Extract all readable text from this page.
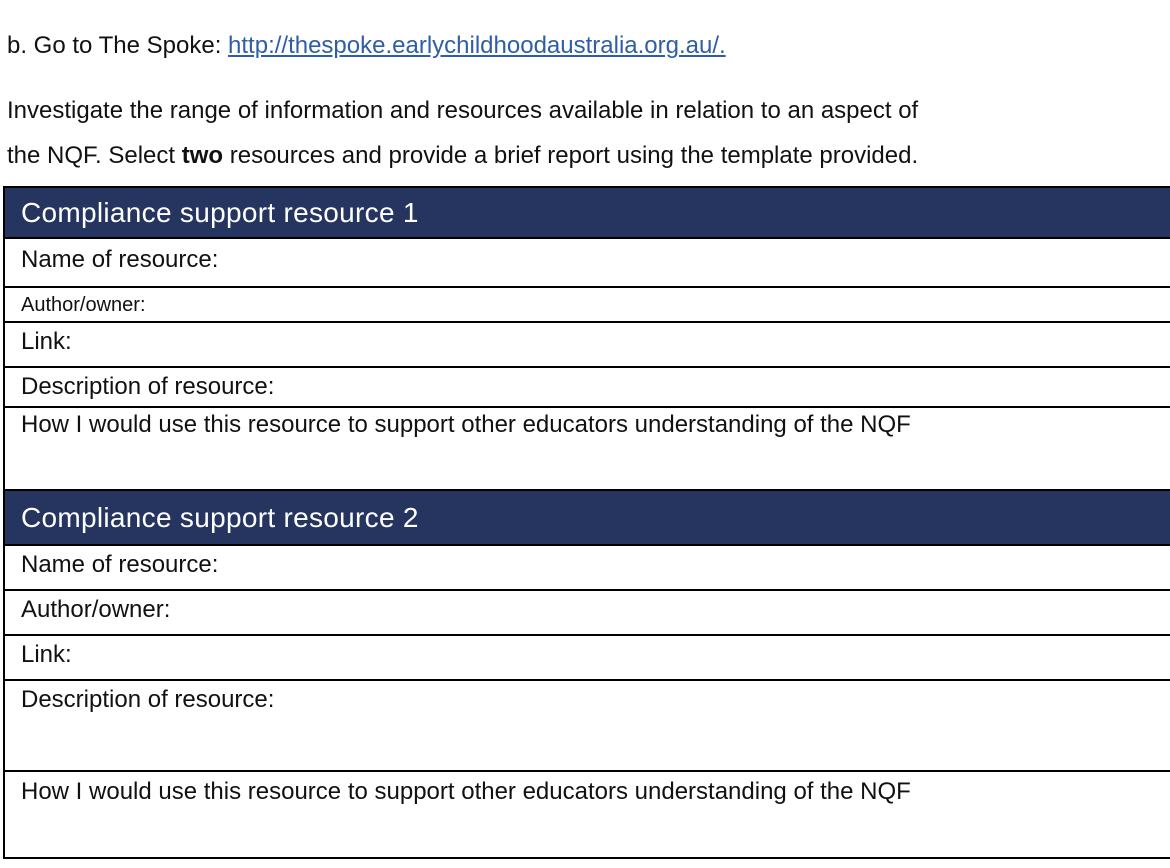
b. Go to The Spoke: http://thespoke.earlychildhoodaustralia.org.au/.
Investigate the range of information and resources available in relation to an aspect of
the NQF. Select two resources and provide a brief report using the template provided.
Compliance support resource 1
Name of resource:
Author/owner:
Link:
Description of resource:
How I would use this resource to support other educators understanding of the NQF
Compliance support resource 2
Name of resource:
Author/owner:
Link:
Description of resource:
How I would use this resource to support other educators understanding of the NQF
